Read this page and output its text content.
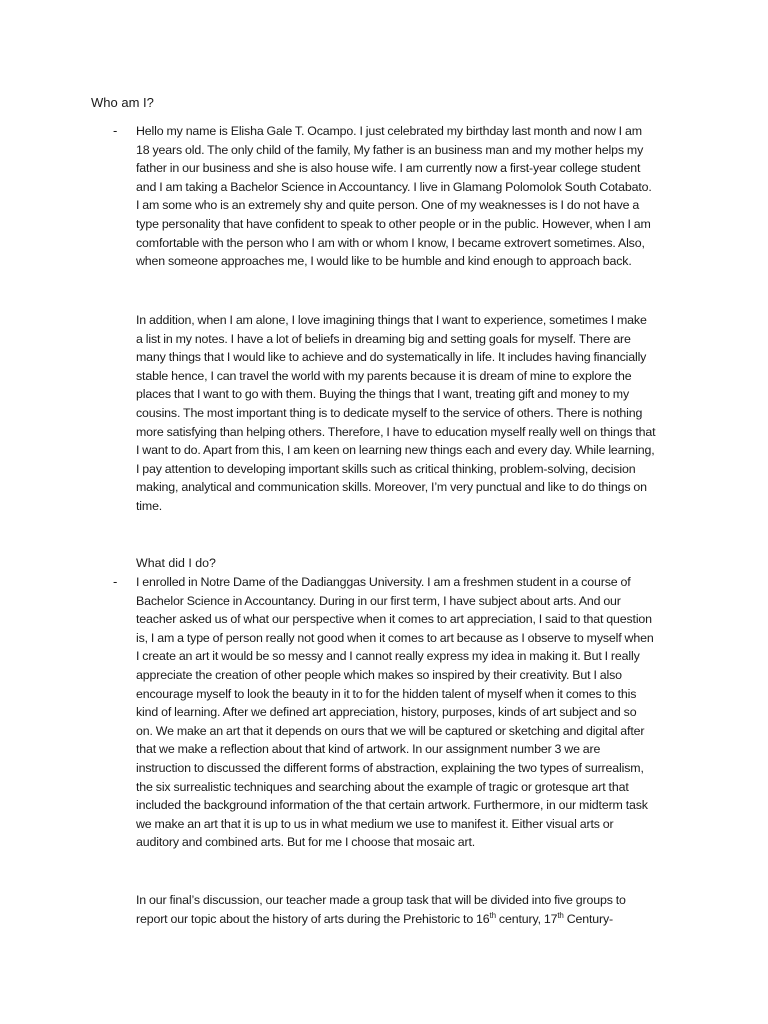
Who am I?
- Hello my name is Elisha Gale T. Ocampo. I just celebrated my birthday last month and now I am 18 years old. The only child of the family, My father is an business man and my mother helps my father in our business and she is also house wife. I am currently now a first-year college student and I am taking a Bachelor Science in Accountancy. I live in Glamang Polomolok South Cotabato. I am some who is an extremely shy and quite person. One of my weaknesses is I do not have a type personality that have confident to speak to other people or in the public. However, when I am comfortable with the person who I am with or whom I know, I became extrovert sometimes. Also, when someone approaches me, I would like to be humble and kind enough to approach back.

In addition, when I am alone, I love imagining things that I want to experience, sometimes I make a list in my notes. I have a lot of beliefs in dreaming big and setting goals for myself. There are many things that I would like to achieve and do systematically in life. It includes having financially stable hence, I can travel the world with my parents because it is dream of mine to explore the places that I want to go with them. Buying the things that I want, treating gift and money to my cousins. The most important thing is to dedicate myself to the service of others. There is nothing more satisfying than helping others. Therefore, I have to education myself really well on things that I want to do. Apart from this, I am keen on learning new things each and every day. While learning, I pay attention to developing important skills such as critical thinking, problem-solving, decision making, analytical and communication skills. Moreover, I’m very punctual and like to do things on time.

What did I do?
- I enrolled in Notre Dame of the Dadianggas University. I am a freshmen student in a course of Bachelor Science in Accountancy. During in our first term, I have subject about arts. And our teacher asked us of what our perspective when it comes to art appreciation, I said to that question is, I am a type of person really not good when it comes to art because as I observe to myself when I create an art it would be so messy and I cannot really express my idea in making it. But I really appreciate the creation of other people which makes so inspired by their creativity. But I also encourage myself to look the beauty in it to for the hidden talent of myself when it comes to this kind of learning. After we defined art appreciation, history, purposes, kinds of art subject and so on. We make an art that it depends on ours that we will be captured or sketching and digital after that we make a reflection about that kind of artwork. In our assignment number 3 we are instruction to discussed the different forms of abstraction, explaining the two types of surrealism, the six surrealistic techniques and searching about the example of tragic or grotesque art that included the background information of the that certain artwork. Furthermore, in our midterm task we make an art that it is up to us in what medium we use to manifest it. Either visual arts or auditory and combined arts. But for me I choose that mosaic art.

In our final’s discussion, our teacher made a group task that will be divided into five groups to report our topic about the history of arts during the Prehistoric to 16th century, 17th Century-
